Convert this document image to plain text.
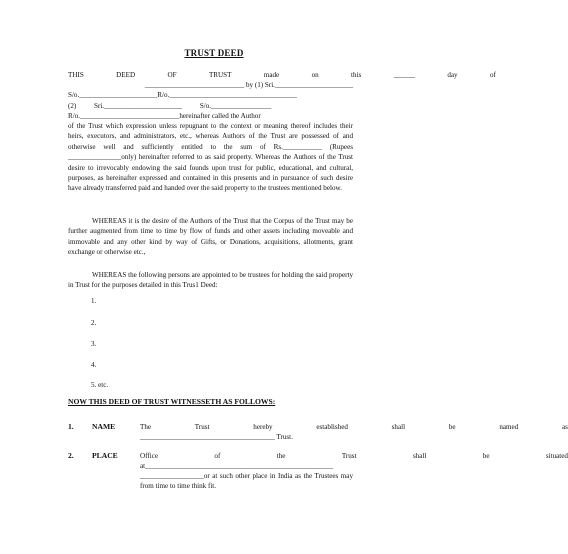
TRUST DEED
THIS	DEED	OF	TRUST	made	on	this	______	day	of
____________________________ by (1) Sri.______________________
S/o.______________________R/o.____________________________________
(2)          Sri.______________________          S/o._________________
R/o.____________________________hereinafter called the Author
of the Trust which expression unless repugnant to the context or meaning thereof includes their heirs, executors, and administrators, etc., whereas Authors of the Trust are possessed of and otherwise well and sufficiently entitled to the sum of Rs.___________ (Rupees _______________only) hereinafter referred to as said property. Whereas the Authors of the Trust desire to irrevocably endowing the said founds upon trust for public, educational, and cultural, purposes, as hereinafter expressed and contained in this presents and in pursuance of such desire have already transferred paid and handed over the said property to the trustees mentioned below.
WHEREAS it is the desire of the Authors of the Trust that the Corpus of the Trust may be further augmented from time to time by flow of funds and other assets including moveable and immovable and any other kind by way of Gifts, or Donations, acquisitions, allotments, grant exchange or otherwise etc.,
WHEREAS the following persons are appointed to be trustees for holding the said property in Trust for the purposes detailed in this Trus1 Deed:
1.
2.
3.
4.
5. etc.
NOW THIS DEED OF TRUST WITNESSETH AS FOLLOWS:
1. NAME	The	Trust	hereby	established	shall	be	named	as
______________________________________ Trust.
2. PLACE	Office	of	the	Trust	shall	be	situated
at_____________________________________________________
__________________or at such other place in India as the Trustees may from time to time think fit.
